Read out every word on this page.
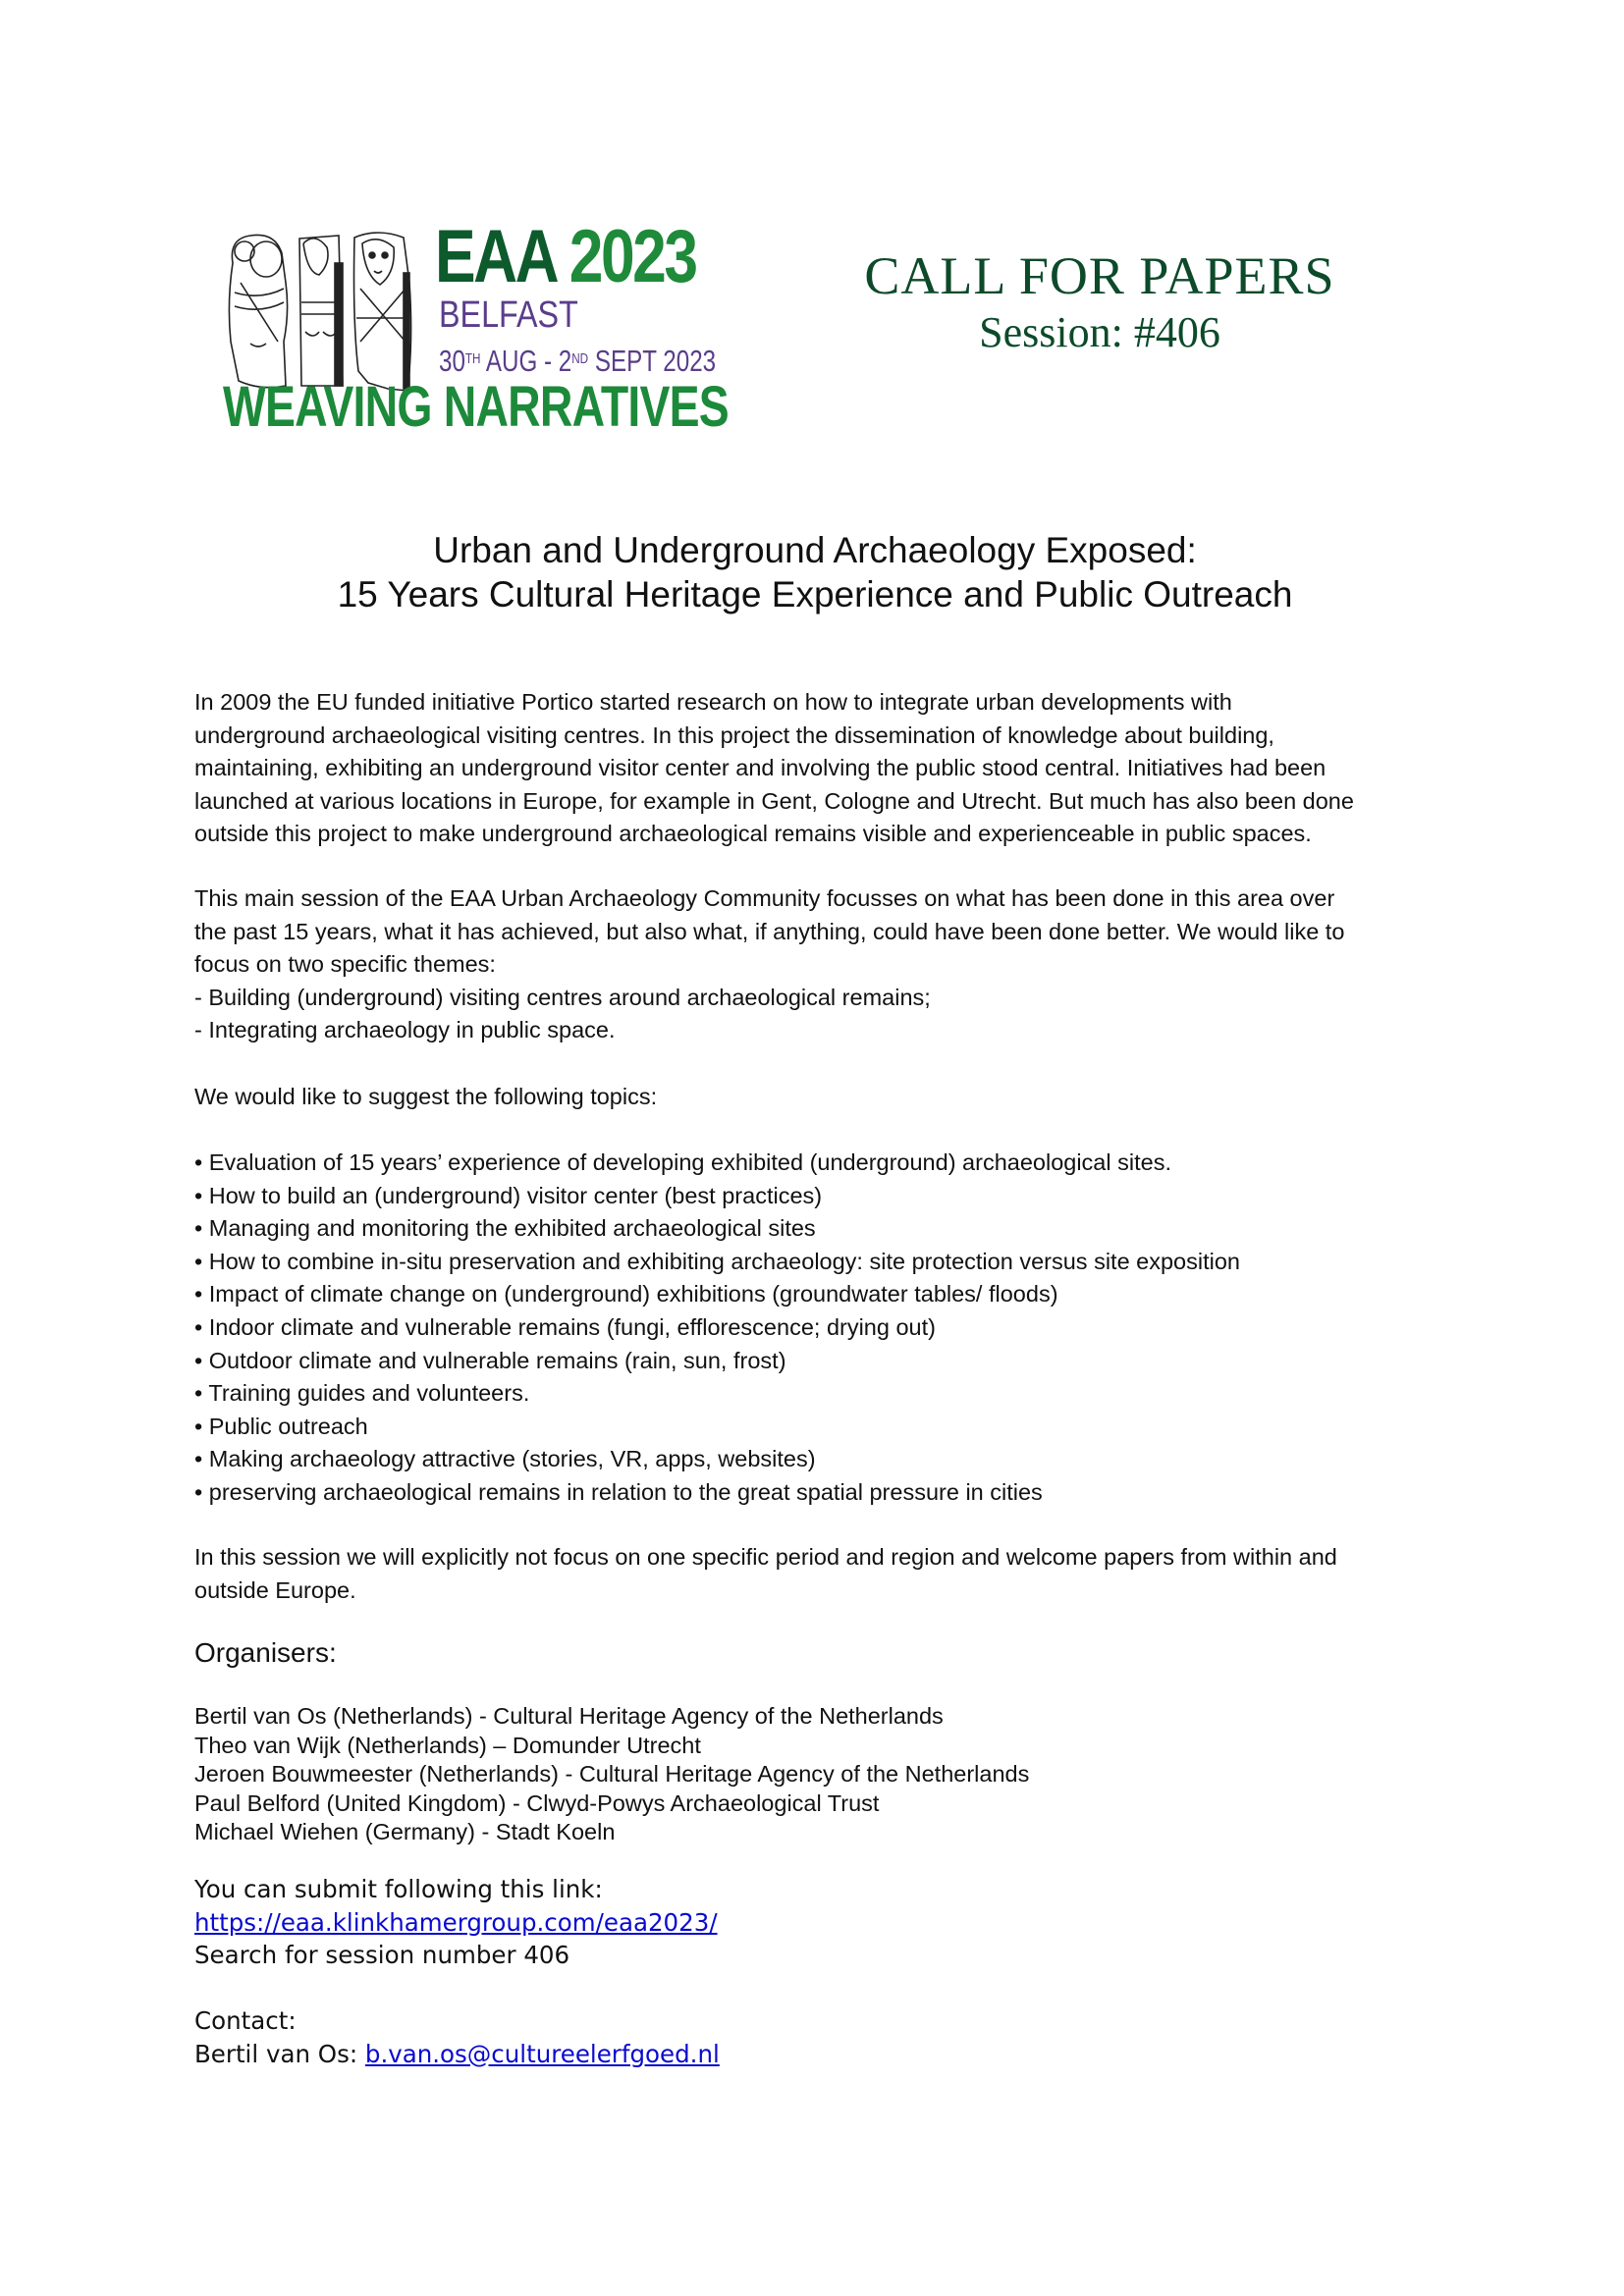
EAA 2023
BELFAST
30TH AUG - 2ND SEPT 2023
WEAVING NARRATIVES
CALL FOR PAPERS
Session: #406
Urban and Underground Archaeology Exposed:
15 Years Cultural Heritage Experience and Public Outreach
In 2009 the EU funded initiative Portico started research on how to integrate urban developments with
underground archaeological visiting centres. In this project the dissemination of knowledge about building,
maintaining, exhibiting an underground visitor center and involving the public stood central. Initiatives had been
launched at various locations in Europe, for example in Gent, Cologne and Utrecht. But much has also been done
outside this project to make underground archaeological remains visible and experienceable in public spaces.
This main session of the EAA Urban Archaeology Community focusses on what has been done in this area over
the past 15 years, what it has achieved, but also what, if anything, could have been done better. We would like to
focus on two specific themes:
- Building (underground) visiting centres around archaeological remains;
- Integrating archaeology in public space.
We would like to suggest the following topics:
• Evaluation of 15 years’ experience of developing exhibited (underground) archaeological sites.
• How to build an (underground) visitor center (best practices)
• Managing and monitoring the exhibited archaeological sites
• How to combine in-situ preservation and exhibiting archaeology: site protection versus site exposition
• Impact of climate change on (underground) exhibitions (groundwater tables/ floods)
• Indoor climate and vulnerable remains (fungi, efflorescence; drying out)
• Outdoor climate and vulnerable remains (rain, sun, frost)
• Training guides and volunteers.
• Public outreach
• Making archaeology attractive (stories, VR, apps, websites)
• preserving archaeological remains in relation to the great spatial pressure in cities
In this session we will explicitly not focus on one specific period and region and welcome papers from within and
outside Europe.
Organisers:
Bertil van Os (Netherlands) - Cultural Heritage Agency of the Netherlands
Theo van Wijk (Netherlands) – Domunder Utrecht
Jeroen Bouwmeester (Netherlands) - Cultural Heritage Agency of the Netherlands
Paul Belford (United Kingdom) - Clwyd-Powys Archaeological Trust
Michael Wiehen (Germany) - Stadt Koeln
You can submit following this link:
https://eaa.klinkhamergroup.com/eaa2023/
Search for session number 406
Contact:
Bertil van Os: b.van.os@cultureelerfgoed.nl
